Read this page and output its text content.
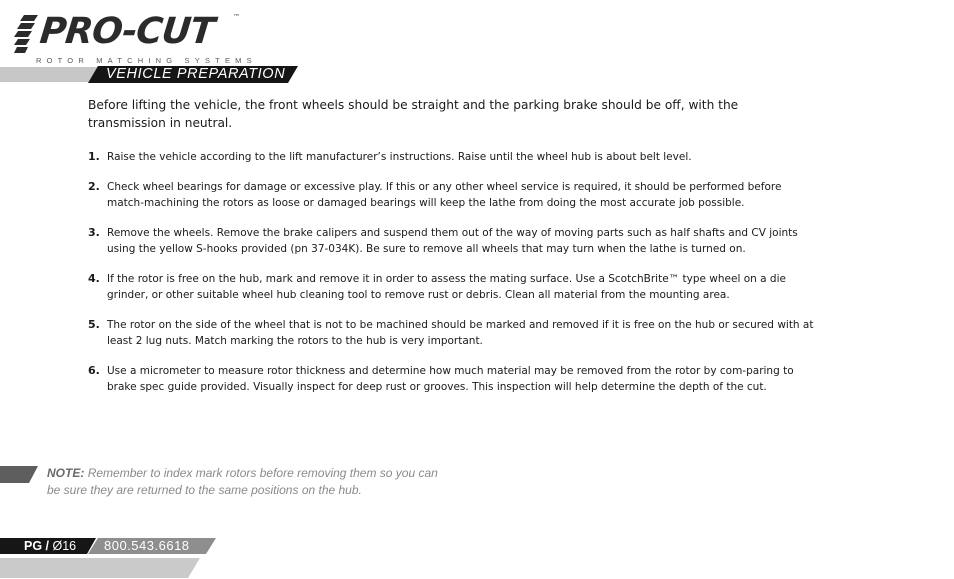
PRO-CUT ™
ROTOR MATCHING SYSTEMS
VEHICLE PREPARATION

Before lifting the vehicle, the front wheels should be straight and the parking brake should be off, with the transmission in neutral.

1. Raise the vehicle according to the lift manufacturer’s instructions. Raise until the wheel hub is about belt level.
2. Check wheel bearings for damage or excessive play. If this or any other wheel service is required, it should be performed before match-machining the rotors as loose or damaged bearings will keep the lathe from doing the most accurate job possible.
3. Remove the wheels. Remove the brake calipers and suspend them out of the way of moving parts such as half shafts and CV joints using the yellow S-hooks provided (pn 37-034K). Be sure to remove all wheels that may turn when the lathe is turned on.
4. If the rotor is free on the hub, mark and remove it in order to assess the mating surface. Use a ScotchBrite™ type wheel on a die grinder, or other suitable wheel hub cleaning tool to remove rust or debris. Clean all material from the mounting area.
5. The rotor on the side of the wheel that is not to be machined should be marked and removed if it is free on the hub or secured with at least 2 lug nuts. Match marking the rotors to the hub is very important.
6. Use a micrometer to measure rotor thickness and determine how much material may be removed from the rotor by com-paring to brake spec guide provided. Visually inspect for deep rust or grooves. This inspection will help determine the depth of the cut.
NOTE: Remember to index mark rotors before removing them so you can be sure they are returned to the same positions on the hub.
PG / Ø16 800.543.6618
